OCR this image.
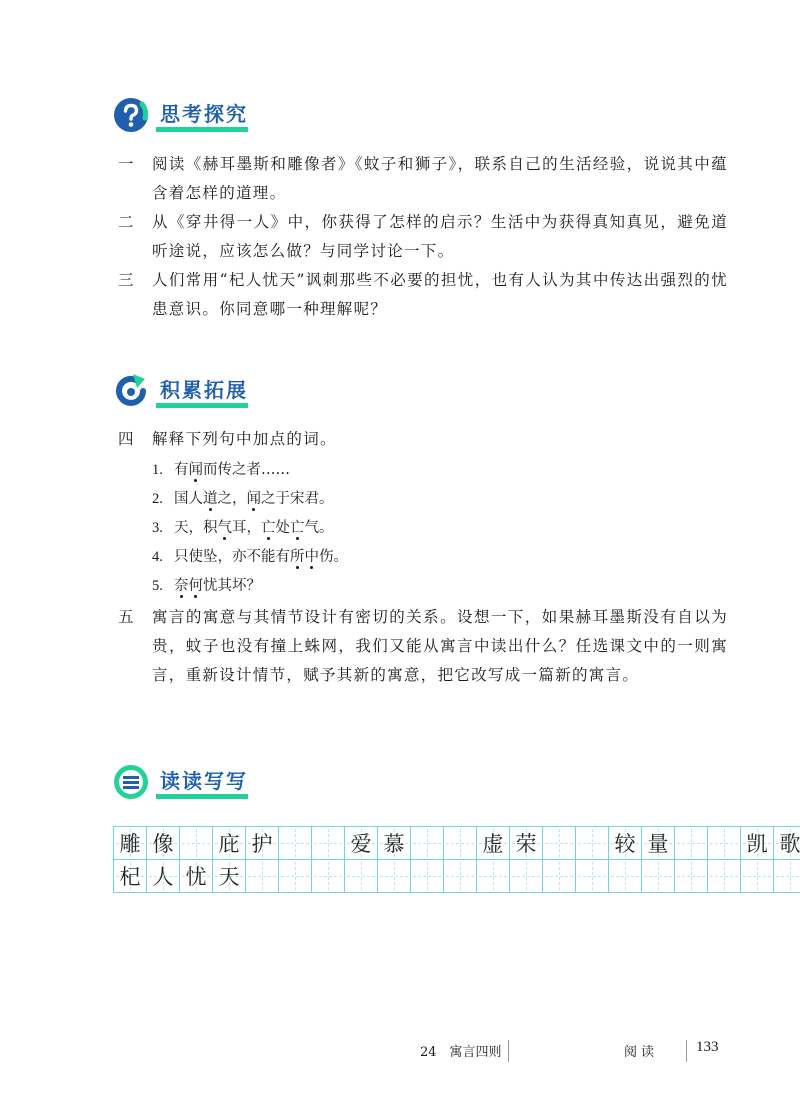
思考探究
一	阅读《赫耳墨斯和雕像者》《蚊子和狮子》，联系自己的生活经验，说说其中蕴含着怎样的道理。
二	从《穿井得一人》中，你获得了怎样的启示？生活中为获得真知真见，避免道听途说，应该怎么做？与同学讨论一下。
三	人们常用“杞人忧天”讽刺那些不必要的担忧，也有人认为其中传达出强烈的忧患意识。你同意哪一种理解呢？
积累拓展
四	解释下列句中加点的词。
1. 有闻而传之者……
2. 国人道之，闻之于宋君。
3. 天，积气耳，亡处亡气。
4. 只使坠，亦不能有所中伤。
5. 奈何忧其坏？
五	寓言的寓意与其情节设计有密切的关系。设想一下，如果赫耳墨斯没有自以为贵，蚊子也没有撞上蛛网，我们又能从寓言中读出什么？任选课文中的一则寓言，重新设计情节，赋予其新的寓意，把它改写成一篇新的寓言。
读读写写
雕 像 庇 护	爱 慕	虚 荣	较 量	凯 歌
杞 人 忧 天
24　寓言四则	阅读	133
